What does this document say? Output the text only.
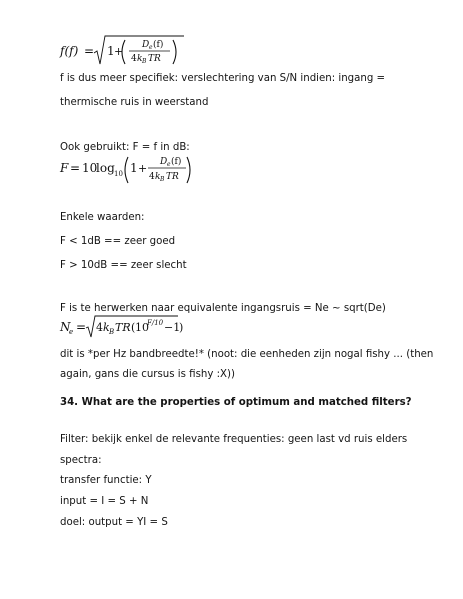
f(f) = 1 + D e (f)
4 k B TR
f is dus meer specifiek: verslechtering van S/N indien: ingang =
thermische ruis in weerstand
Ook gebruikt: F = f in dB:
F = 10
log 10 1 + D e (f)
4 k B TR
Enkele waarden:
F < 1dB == zeer goed
F > 10dB == zeer slecht
F is te herwerken naar equivalente ingangsruis = Ne ~ sqrt(De)
N
e = 4 k B TR ( 10
F/10 −1
)
dit is *per Hz bandbreedte!* (noot: die eenheden zijn nogal fishy ... (then
again, gans die cursus is fishy :X))
34. What are the properties of optimum and matched filters?
Filter: bekijk enkel de relevante frequenties: geen last vd ruis elders
spectra:
transfer functie: Y
input = I = S + N
doel: output = YI = S
